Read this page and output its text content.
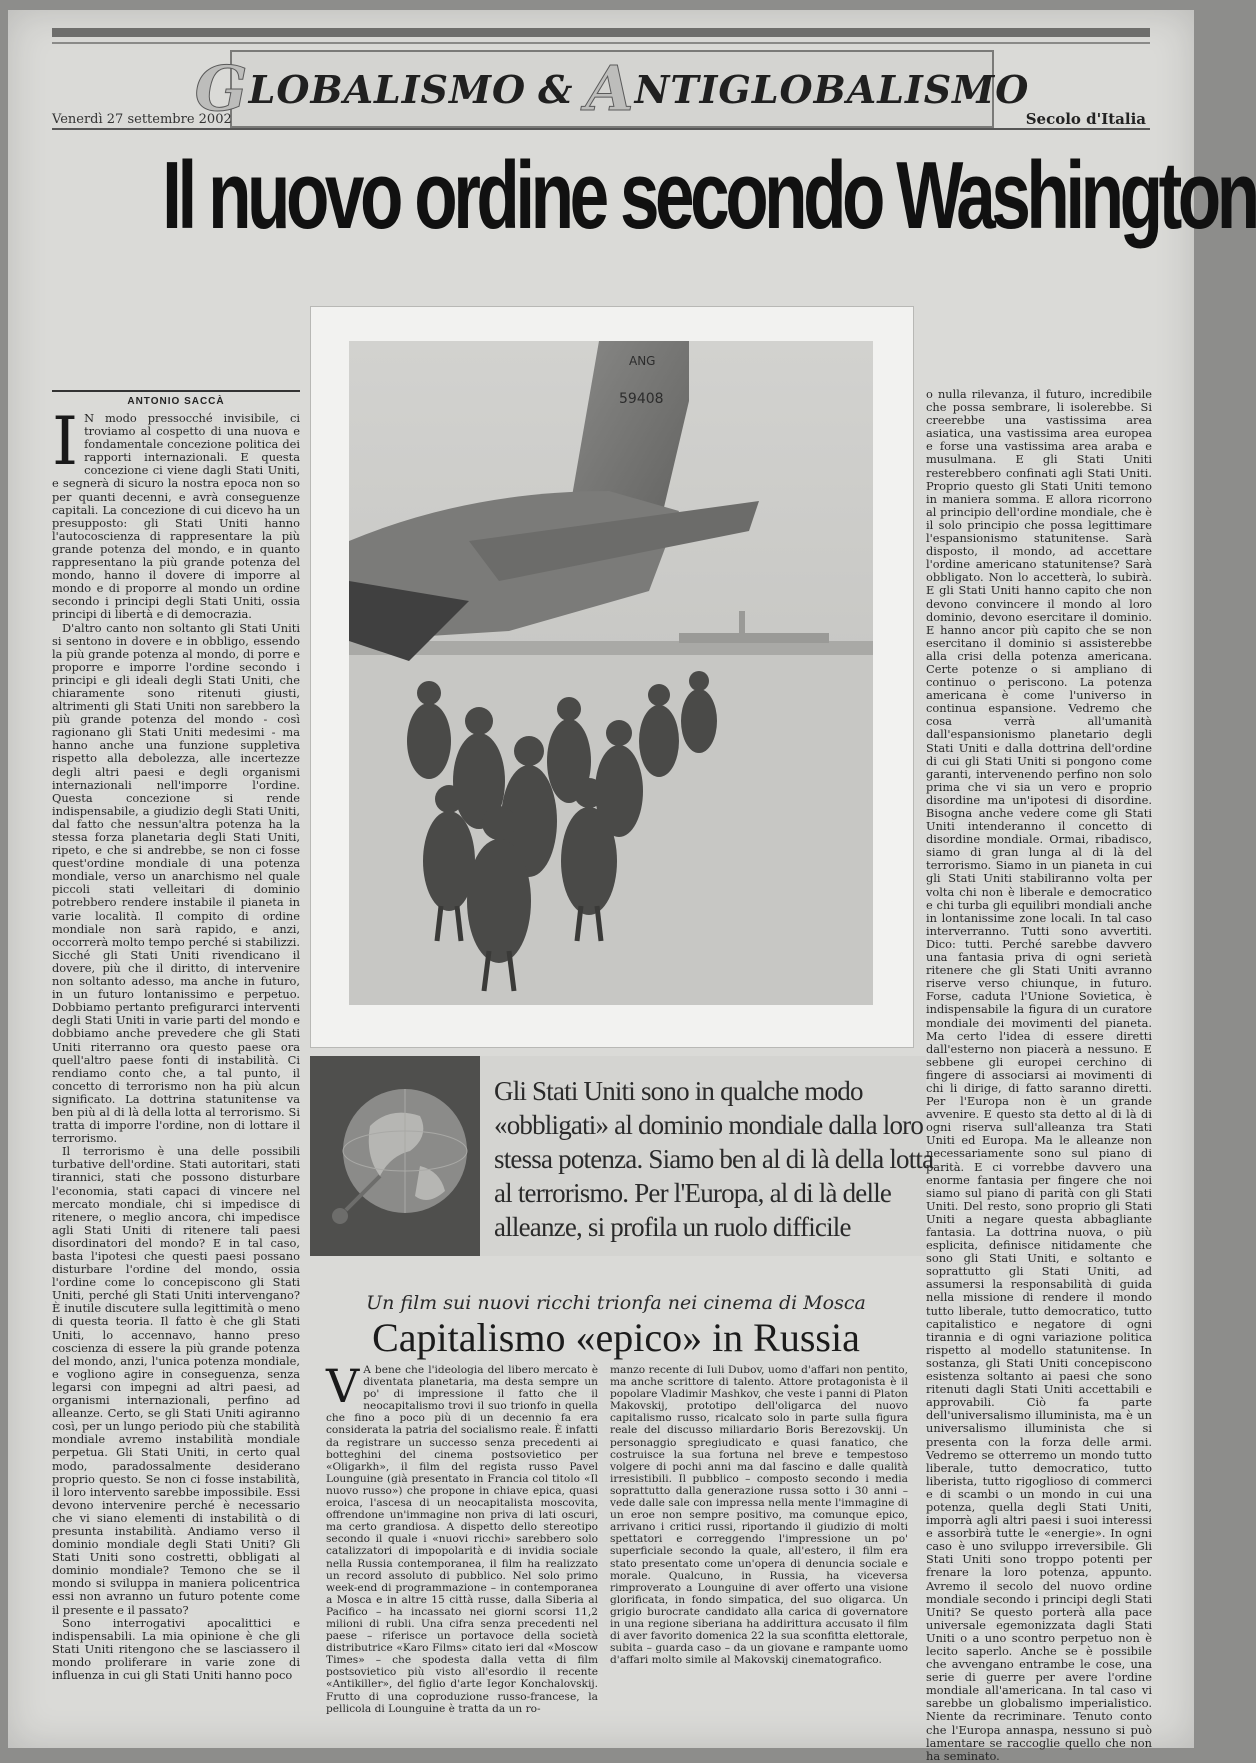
G LOBALISMO & A NTIGLOBALISMO
Venerdì 27 settembre 2002	Secolo d'Italia
Il nuovo ordine secondo Washington
ANTONIO SACCÀ

I N modo pressocché invisibile, ci troviamo al cospetto di una nuova e fondamentale concezione politica dei rapporti internazionali. E questa concezione ci viene dagli Stati Uniti, e segnerà di sicuro la nostra epoca non so per quanti decenni, e avrà conseguenze capitali. La concezione di cui dicevo ha un presupposto: gli Stati Uniti hanno l'autocoscienza di rappresentare la più grande potenza del mondo, e in quanto rappresentano la più grande potenza del mondo, hanno il dovere di imporre al mondo e di proporre al mondo un ordine secondo i principi degli Stati Uniti, ossia principi di libertà e di democrazia.

D'altro canto non soltanto gli Stati Uniti si sentono in dovere e in obbligo, essendo la più grande potenza al mondo, di porre e proporre e imporre l'ordine secondo i principi e gli ideali degli Stati Uniti, che chiaramente sono ritenuti giusti, altrimenti gli Stati Uniti non sarebbero la più grande potenza del mondo - così ragionano gli Stati Uniti medesimi - ma hanno anche una funzione suppletiva rispetto alla debolezza, alle incertezze degli altri paesi e degli organismi internazionali nell'imporre l'ordine. Questa concezione si rende indispensabile, a giudizio degli Stati Uniti, dal fatto che nessun'altra potenza ha la stessa forza planetaria degli Stati Uniti, ripeto, e che si andrebbe, se non ci fosse quest'ordine mondiale di una potenza mondiale, verso un anarchismo nel quale piccoli stati velleitari di dominio potrebbero rendere instabile il pianeta in varie località. Il compito di ordine mondiale non sarà rapido, e anzi, occorrerà molto tempo perché si stabilizzi. Sicché gli Stati Uniti rivendicano il dovere, più che il diritto, di intervenire non soltanto adesso, ma anche in futuro, in un futuro lontanissimo e perpetuo. Dobbiamo pertanto prefigurarci interventi degli Stati Uniti in varie parti del mondo e dobbiamo anche prevedere che gli Stati Uniti riterranno ora questo paese ora quell'altro paese fonti di instabilità. Ci rendiamo conto che, a tal punto, il concetto di terrorismo non ha più alcun significato. La dottrina statunitense va ben più al di là della lotta al terrorismo. Si tratta di imporre l'ordine, non di lottare il terrorismo.

Il terrorismo è una delle possibili turbative dell'ordine. Stati autoritari, stati tirannici, stati che possono disturbare l'economia, stati capaci di vincere nel mercato mondiale, chi si impedisce di ritenere, o meglio ancora, chi impedisce agli Stati Uniti di ritenere tali paesi disordinatori del mondo? E in tal caso, basta l'ipotesi che questi paesi possano disturbare l'ordine del mondo, ossia l'ordine come lo concepiscono gli Stati Uniti, perché gli Stati Uniti intervengano? È inutile discutere sulla legittimità o meno di questa teoria. Il fatto è che gli Stati Uniti, lo accennavo, hanno preso coscienza di essere la più grande potenza del mondo, anzi, l'unica potenza mondiale, e vogliono agire in conseguenza, senza legarsi con impegni ad altri paesi, ad organismi internazionali, perfino ad alleanze. Certo, se gli Stati Uniti agiranno così, per un lungo periodo più che stabilità mondiale avremo instabilità mondiale perpetua. Gli Stati Uniti, in certo qual modo, paradossalmente desiderano proprio questo. Se non ci fosse instabilità, il loro intervento sarebbe impossibile. Essi devono intervenire perché è necessario che vi siano elementi di instabilità o di presunta instabilità. Andiamo verso il dominio mondiale degli Stati Uniti? Gli Stati Uniti sono costretti, obbligati al dominio mondiale? Temono che se il mondo si sviluppa in maniera policentrica essi non avranno un futuro potente come il presente e il passato?

Sono interrogativi apocalittici e indispensabili. La mia opinione è che gli Stati Uniti ritengono che se lasciassero il mondo proliferare in varie zone di influenza in cui gli Stati Uniti hanno poco

59408
ANG
Gli Stati Uniti sono in qualche modo «obbligati» al dominio mondiale dalla loro stessa potenza. Siamo ben al di là della lotta al terrorismo. Per l'Europa, al di là delle alleanze, si profila un ruolo difficile

o nulla rilevanza, il futuro, incredibile che possa sembrare, li isolerebbe. Si creerebbe una vastissima area asiatica, una vastissima area europea e forse una vastissima area araba e musulmana. E gli Stati Uniti resterebbero confinati agli Stati Uniti. Proprio questo gli Stati Uniti temono in maniera somma. E allora ricorrono al principio dell'ordine mondiale, che è il solo principio che possa legittimare l'espansionismo statunitense. Sarà disposto, il mondo, ad accettare l'ordine americano statunitense? Sarà obbligato. Non lo accetterà, lo subirà. E gli Stati Uniti hanno capito che non devono convincere il mondo al loro dominio, devono esercitare il dominio. E hanno ancor più capito che se non esercitano il dominio si assisterebbe alla crisi della potenza americana. Certe potenze o si ampliano di continuo o periscono. La potenza americana è come l'universo in continua espansione. Vedremo che cosa verrà all'umanità dall'espansionismo planetario degli Stati Uniti e dalla dottrina dell'ordine di cui gli Stati Uniti si pongono come garanti, intervenendo perfino non solo prima che vi sia un vero e proprio disordine ma un'ipotesi di disordine. Bisogna anche vedere come gli Stati Uniti intenderanno il concetto di disordine mondiale. Ormai, ribadisco, siamo di gran lunga al di là del terrorismo. Siamo in un pianeta in cui gli Stati Uniti stabiliranno volta per volta chi non è liberale e democratico e chi turba gli equilibri mondiali anche in lontanissime zone locali. In tal caso interverranno. Tutti sono avvertiti. Dico: tutti. Perché sarebbe davvero una fantasia priva di ogni serietà ritenere che gli Stati Uniti avranno riserve verso chiunque, in futuro. Forse, caduta l'Unione Sovietica, è indispensabile la figura di un curatore mondiale dei movimenti del pianeta. Ma certo l'idea di essere diretti dall'esterno non piacerà a nessuno. E sebbene gli europei cerchino di fingere di associarsi ai movimenti di chi li dirige, di fatto saranno diretti. Per l'Europa non è un grande avvenire. E questo sta detto al di là di ogni riserva sull'alleanza tra Stati Uniti ed Europa. Ma le alleanze non necessariamente sono sul piano di parità. E ci vorrebbe davvero una enorme fantasia per fingere che noi siamo sul piano di parità con gli Stati Uniti. Del resto, sono proprio gli Stati Uniti a negare questa abbagliante fantasia. La dottrina nuova, o più esplicita, definisce nitidamente che sono gli Stati Uniti, e soltanto e soprattutto gli Stati Uniti, ad assumersi la responsabilità di guida nella missione di rendere il mondo tutto liberale, tutto democratico, tutto capitalistico e negatore di ogni tirannia e di ogni variazione politica rispetto al modello statunitense. In sostanza, gli Stati Uniti concepiscono esistenza soltanto ai paesi che sono ritenuti dagli Stati Uniti accettabili e approvabili. Ciò fa parte dell'universalismo illuminista, ma è un universalismo illuminista che si presenta con la forza delle armi. Vedremo se otterremo un mondo tutto liberale, tutto democratico, tutto liberista, tutto rigoglioso di commerci e di scambi o un mondo in cui una potenza, quella degli Stati Uniti, imporrà agli altri paesi i suoi interessi e assorbirà tutte le «energie». In ogni caso è uno sviluppo irreversibile. Gli Stati Uniti sono troppo potenti per frenare la loro potenza, appunto. Avremo il secolo del nuovo ordine mondiale secondo i principi degli Stati Uniti? Se questo porterà alla pace universale egemonizzata dagli Stati Uniti o a uno scontro perpetuo non è lecito saperlo. Anche se è possibile che avvengano entrambe le cose, una serie di guerre per avere l'ordine mondiale all'americana. In tal caso vi sarebbe un globalismo imperialistico. Niente da recriminare. Tenuto conto che l'Europa annaspa, nessuno si può lamentare se raccoglie quello che non ha seminato.

Un film sui nuovi ricchi trionfa nei cinema di Mosca
Capitalismo «epico» in Russia

V A bene che l'ideologia del libero mercato è diventata planetaria, ma desta sempre un po' di impressione il fatto che il neocapitalismo trovi il suo trionfo in quella che fino a poco più di un decennio fa era considerata la patria del socialismo reale. È infatti da registrare un successo senza precedenti ai botteghini del cinema postsovietico per «Oligarkh», il film del regista russo Pavel Lounguine (già presentato in Francia col titolo «Il nuovo russo») che propone in chiave epica, quasi eroica, l'ascesa di un neocapitalista moscovita, offrendone un'immagine non priva di lati oscuri, ma certo grandiosa. A dispetto dello stereotipo secondo il quale i «nuovi ricchi» sarebbero solo catalizzatori di impopolarità e di invidia sociale nella Russia contemporanea, il film ha realizzato un record assoluto di pubblico. Nel solo primo week-end di programmazione – in contemporanea a Mosca e in altre 15 città russe, dalla Siberia al Pacifico – ha incassato nei giorni scorsi 11,2 milioni di rubli. Una cifra senza precedenti nel paese – riferisce un portavoce della società distributrice «Karo Films» citato ieri dal «Moscow Times» – che spodesta dalla vetta di film postsovietico più visto all'esordio il recente «Antikiller», del figlio d'arte Iegor Konchalovskij. Frutto di una coproduzione russo-francese, la pellicola di Lounguine è tratta da un ro-

manzo recente di Iuli Dubov, uomo d'affari non pentito, ma anche scrittore di talento. Attore protagonista è il popolare Vladimir Mashkov, che veste i panni di Platon Makovskij, prototipo dell'oligarca del nuovo capitalismo russo, ricalcato solo in parte sulla figura reale del discusso miliardario Boris Berezovskij. Un personaggio spregiudicato e quasi fanatico, che costruisce la sua fortuna nel breve e tempestoso volgere di pochi anni ma dal fascino e dalle qualità irresistibili. Il pubblico – composto secondo i media soprattutto dalla generazione russa sotto i 30 anni – vede dalle sale con impressa nella mente l'immagine di un eroe non sempre positivo, ma comunque epico, arrivano i critici russi, riportando il giudizio di molti spettatori e correggendo l'impressione un po' superficiale secondo la quale, all'estero, il film era stato presentato come un'opera di denuncia sociale e morale. Qualcuno, in Russia, ha viceversa rimproverato a Lounguine di aver offerto una visione glorificata, in fondo simpatica, del suo oligarca. Un grigio burocrate candidato alla carica di governatore in una regione siberiana ha addirittura accusato il film di aver favorito domenica 22 la sua sconfitta elettorale, subita – guarda caso – da un giovane e rampante uomo d'affari molto simile al Makovskij cinematografico.
